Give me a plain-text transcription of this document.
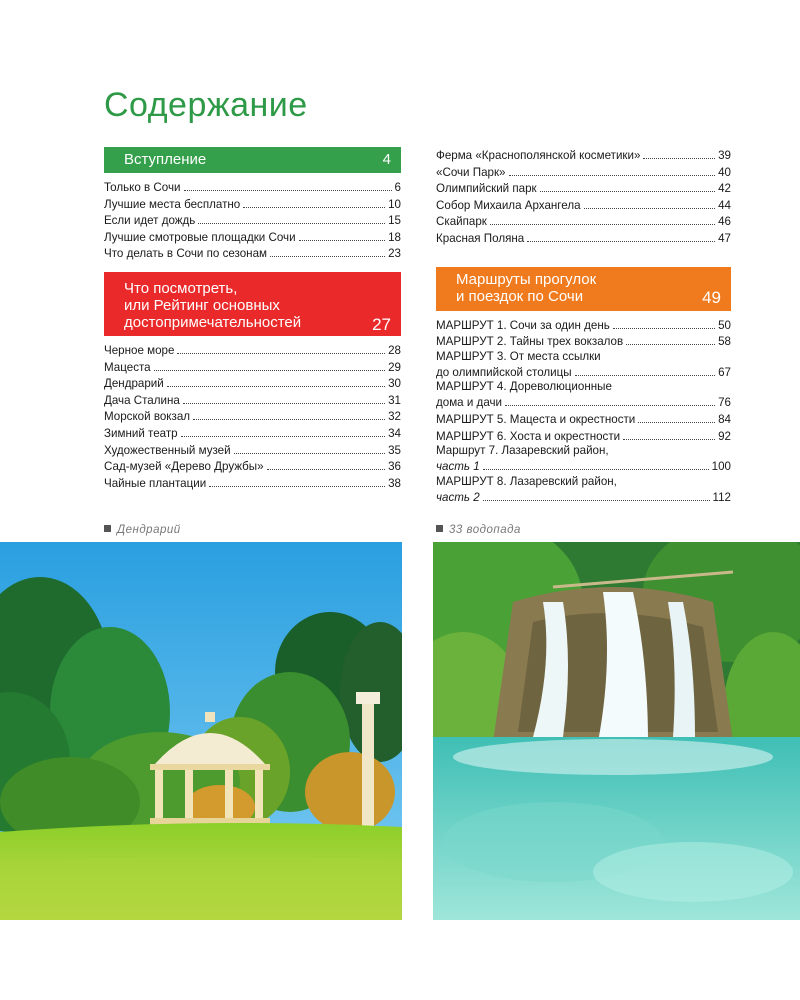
Содержание
Вступление	4
Только в Сочи	6
Лучшие места бесплатно	10
Если идет дождь	15
Лучшие смотровые площадки Сочи	18
Что делать в Сочи по сезонам	23
Что посмотреть,
или Рейтинг основных
достопримечательностей	27
Черное море	28
Мацеста	29
Дендрарий	30
Дача Сталина	31
Морской вокзал	32
Зимний театр	34
Художественный музей	35
Сад-музей «Дерево Дружбы»	36
Чайные плантации	38
Ферма «Краснополянской косметики»	39
«Сочи Парк»	40
Олимпийский парк	42
Собор Михаила Архангела	44
Скайпарк	46
Красная Поляна	47
Маршруты прогулок
и поездок по Сочи	49
МАРШРУТ 1. Сочи за один день	50
МАРШРУТ 2. Тайны трех вокзалов	58
МАРШРУТ 3. От места ссылки
до олимпийской столицы	67
МАРШРУТ 4. Дореволюционные
дома и дачи	76
МАРШРУТ 5. Мацеста и окрестности	84
МАРШРУТ 6. Хоста и окрестности	92
Маршрут 7. Лазаревский район,
часть 1	100
МАРШРУТ 8. Лазаревский район,
часть 2	112
Дендрарий	33 водопада
